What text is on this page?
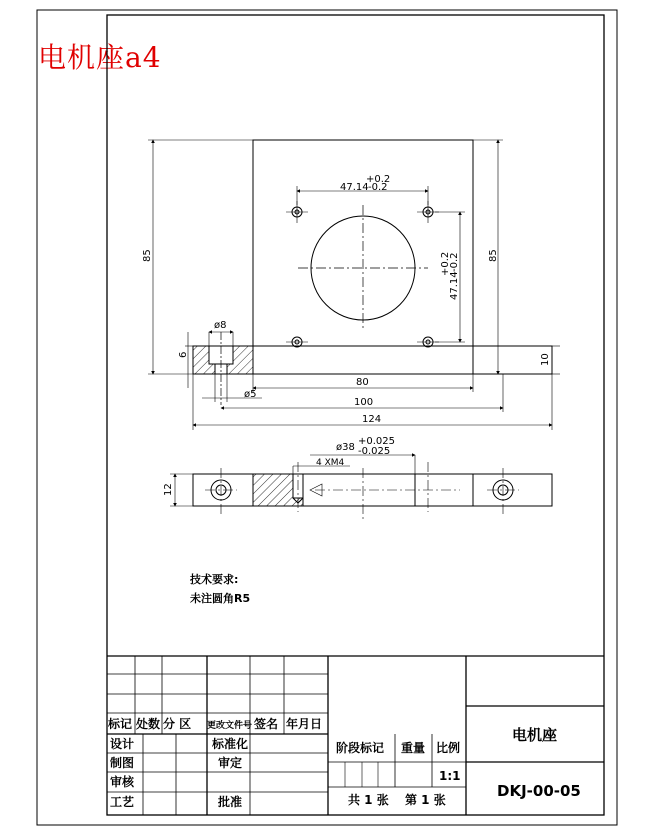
电机座a4
+0.2
47.14 -0.2
47.14
+0.2
-0.2
85	85
6	10
ø8
ø5
80
100
124
ø38
+0.025
-0.025
4 XM4
12
技术要求:
未注圆角R5
标记 处数 分 区 更改文件号 签名 年月日
设计
制图
审核
工艺
标准化
审定
批准
阶段标记 重量 比例
1:1
共 1 张 第 1 张
电机座
DKJ-00-05
